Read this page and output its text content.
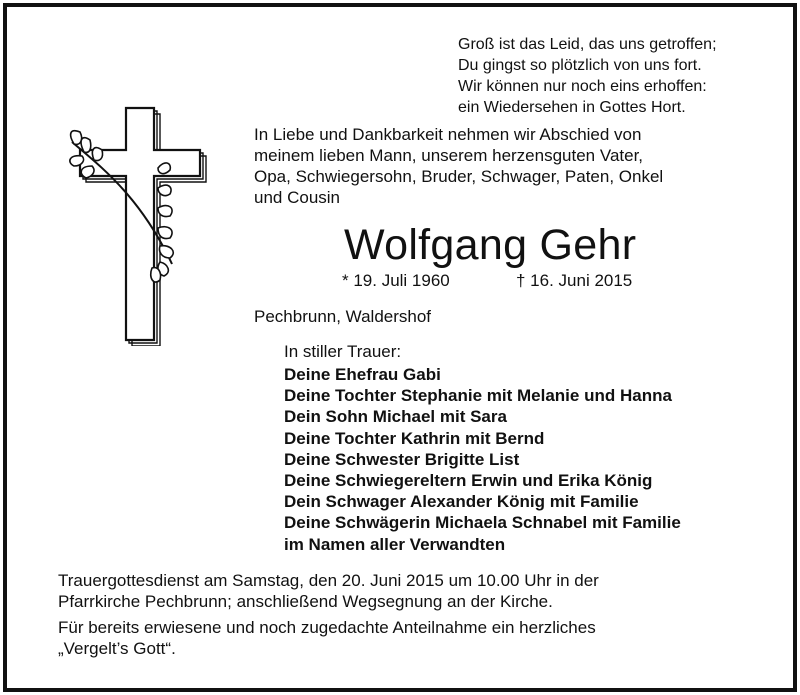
Groß ist das Leid, das uns getroffen;
Du gingst so plötzlich von uns fort.
Wir können nur noch eins erhoffen:
ein Wiedersehen in Gottes Hort.
In Liebe und Dankbarkeit nehmen wir Abschied von
meinem lieben Mann, unserem herzensguten Vater,
Opa, Schwiegersohn, Bruder, Schwager, Paten, Onkel
und Cousin
Wolfgang Gehr
* 19. Juli 1960	† 16. Juni 2015
Pechbrunn, Waldershof
In stiller Trauer:
Deine Ehefrau Gabi
Deine Tochter Stephanie mit Melanie und Hanna
Dein Sohn Michael mit Sara
Deine Tochter Kathrin mit Bernd
Deine Schwester Brigitte List
Deine Schwiegereltern Erwin und Erika König
Dein Schwager Alexander König mit Familie
Deine Schwägerin Michaela Schnabel mit Familie
im Namen aller Verwandten
Trauergottesdienst am Samstag, den 20. Juni 2015 um 10.00 Uhr in der
Pfarrkirche Pechbrunn; anschließend Wegsegnung an der Kirche.
Für bereits erwiesene und noch zugedachte Anteilnahme ein herzliches
„Vergelt’s Gott“.
